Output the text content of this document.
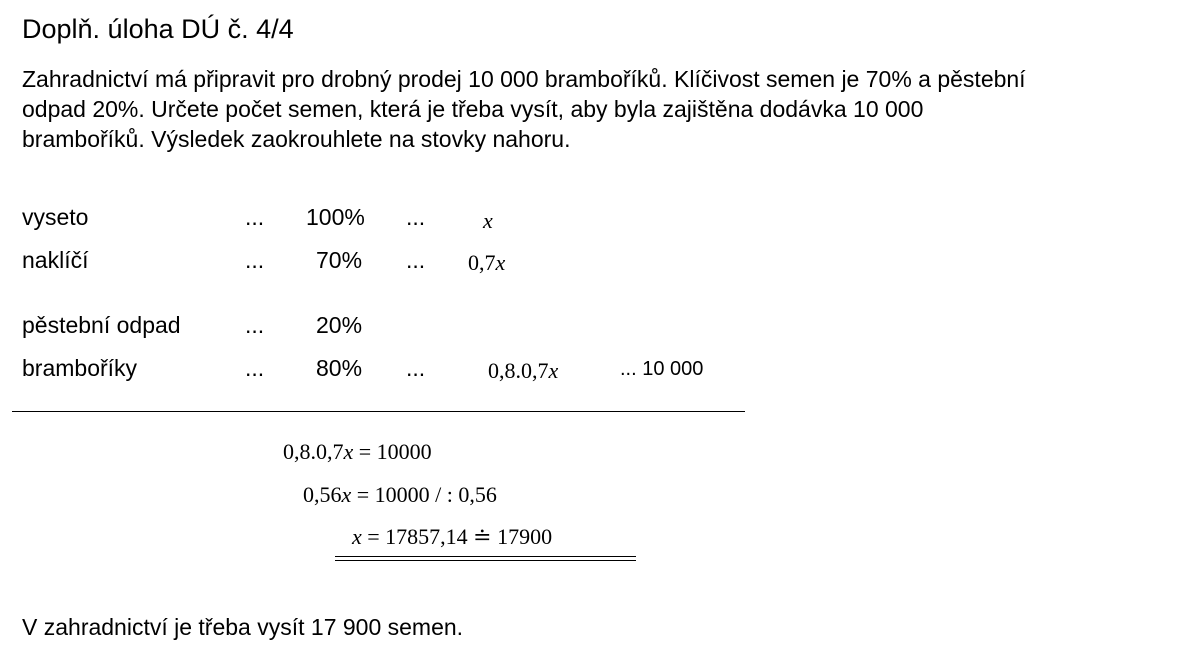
Doplň. úloha DÚ č. 4/4
Zahradnictví má připravit pro drobný prodej 10 000 bramboříků. Klíčivost semen je 70% a pěstební
odpad 20%. Určete počet semen, která je třeba vysít, aby byla zajištěna dodávka 10 000
bramboříků. Výsledek zaokrouhlete na stovky nahoru.
vyseto	... 100% ...	x
naklíčí	... 70% ... 0,7x
pěstební odpad	... 20%
bramboříky	... 80% ...	0,8.0,7x	... 10 000
0,8.0,7x = 10000
0,56x = 10000 / : 0,56
x = 17857,14 ≐ 17900
V zahradnictví je třeba vysít 17 900 semen.
